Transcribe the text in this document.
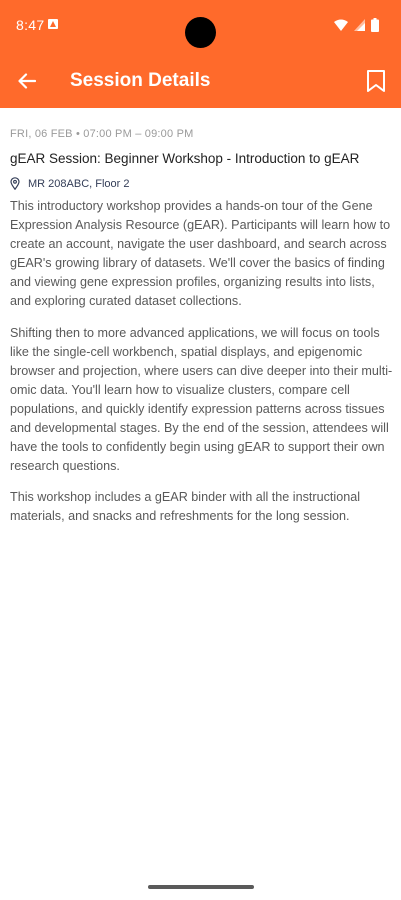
8:47
Session Details
FRI, 06 FEB • 07:00 PM – 09:00 PM
gEAR Session: Beginner Workshop - Introduction to gEAR
MR 208ABC, Floor 2

This introductory workshop provides a hands-on tour of the Gene Expression Analysis Resource (gEAR). Participants will learn how to create an account, navigate the user dashboard, and search across gEAR's growing library of datasets. We'll cover the basics of finding and viewing gene expression profiles, organizing results into lists, and exploring curated dataset collections.

Shifting then to more advanced applications, we will focus on tools like the single-cell workbench, spatial displays, and epigenomic browser and projection, where users can dive deeper into their multi-omic data. You'll learn how to visualize clusters, compare cell populations, and quickly identify expression patterns across tissues and developmental stages. By the end of the session, attendees will have the tools to confidently begin using gEAR to support their own research questions.

This workshop includes a gEAR binder with all the instructional materials, and snacks and refreshments for the long session.
